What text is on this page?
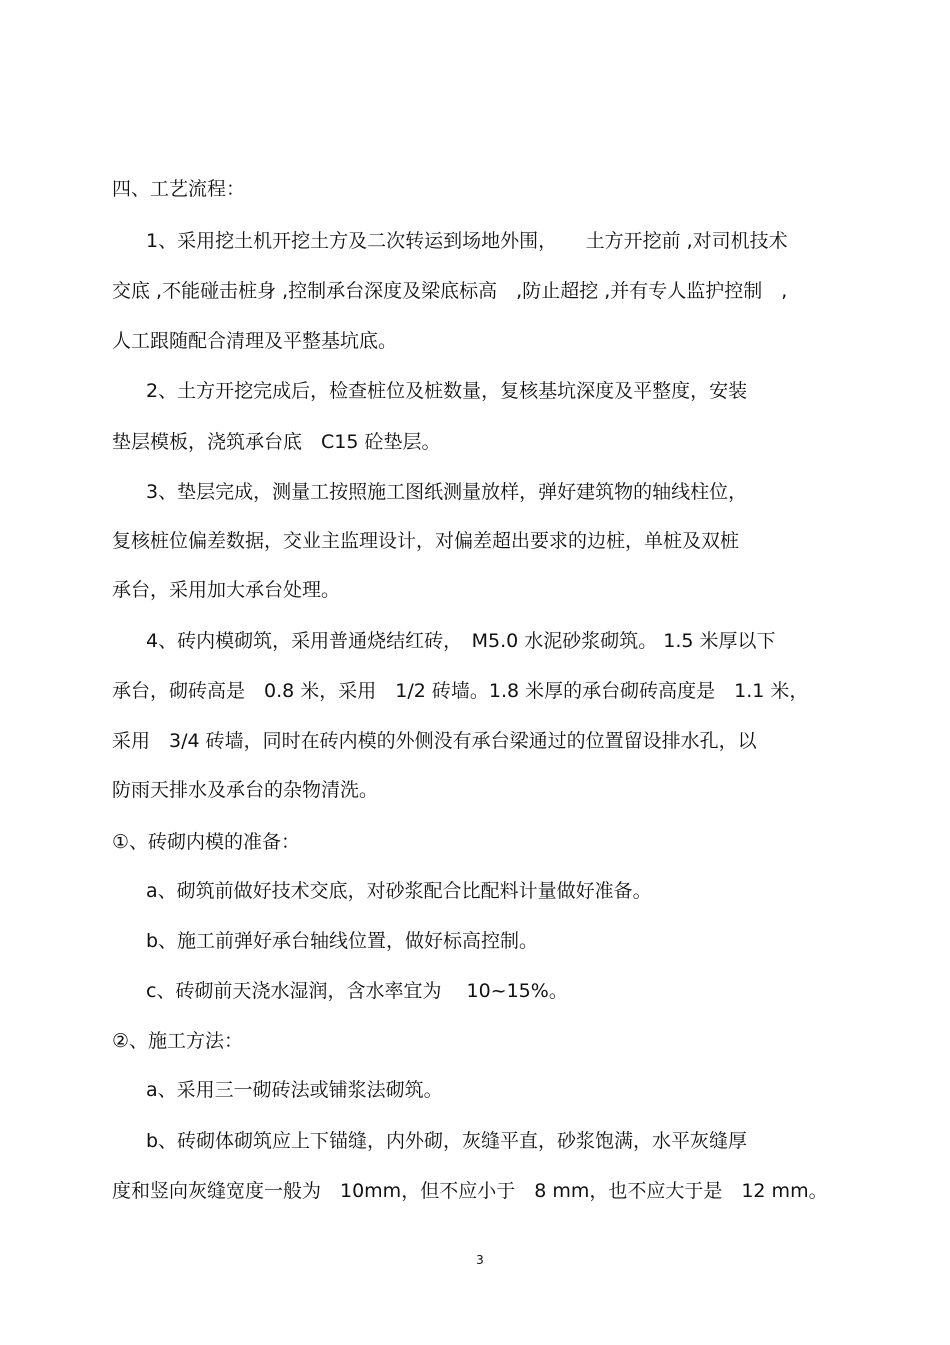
四、工艺流程：
1、采用挖土机开挖土方及二次转运到场地外围，　　土方开挖前 ,对司机技术
交底 ,不能碰击桩身 ,控制承台深度及梁底标高　,防止超挖 ,并有专人监护控制　,
人工跟随配合清理及平整基坑底。
2、土方开挖完成后，检查桩位及桩数量，复核基坑深度及平整度，安装
垫层模板，浇筑承台底　C15 砼垫层。
3、垫层完成，测量工按照施工图纸测量放样，弹好建筑物的轴线柱位，
复核桩位偏差数据，交业主监理设计，对偏差超出要求的边桩，单桩及双桩
承台，采用加大承台处理。
4、砖内模砌筑，采用普通烧结红砖，　M5.0 水泥砂浆砌筑。 1.5 米厚以下
承台，砌砖高是　0.8 米，采用　1/2 砖墙。1.8 米厚的承台砌砖高度是　1.1 米，
采用　3/4 砖墙，同时在砖内模的外侧没有承台梁通过的位置留设排水孔，以
防雨天排水及承台的杂物清洗。
①、砖砌内模的准备：
a、砌筑前做好技术交底，对砂浆配合比配料计量做好准备。
b、施工前弹好承台轴线位置，做好标高控制。
c、砖砌前天浇水湿润，含水率宜为　 10~15%。
②、施工方法：
a、采用三一砌砖法或铺浆法砌筑。
b、砖砌体砌筑应上下锚缝，内外砌，灰缝平直，砂浆饱满，水平灰缝厚
度和竖向灰缝宽度一般为　10mm，但不应小于　8 mm，也不应大于是　12 mm。
3
